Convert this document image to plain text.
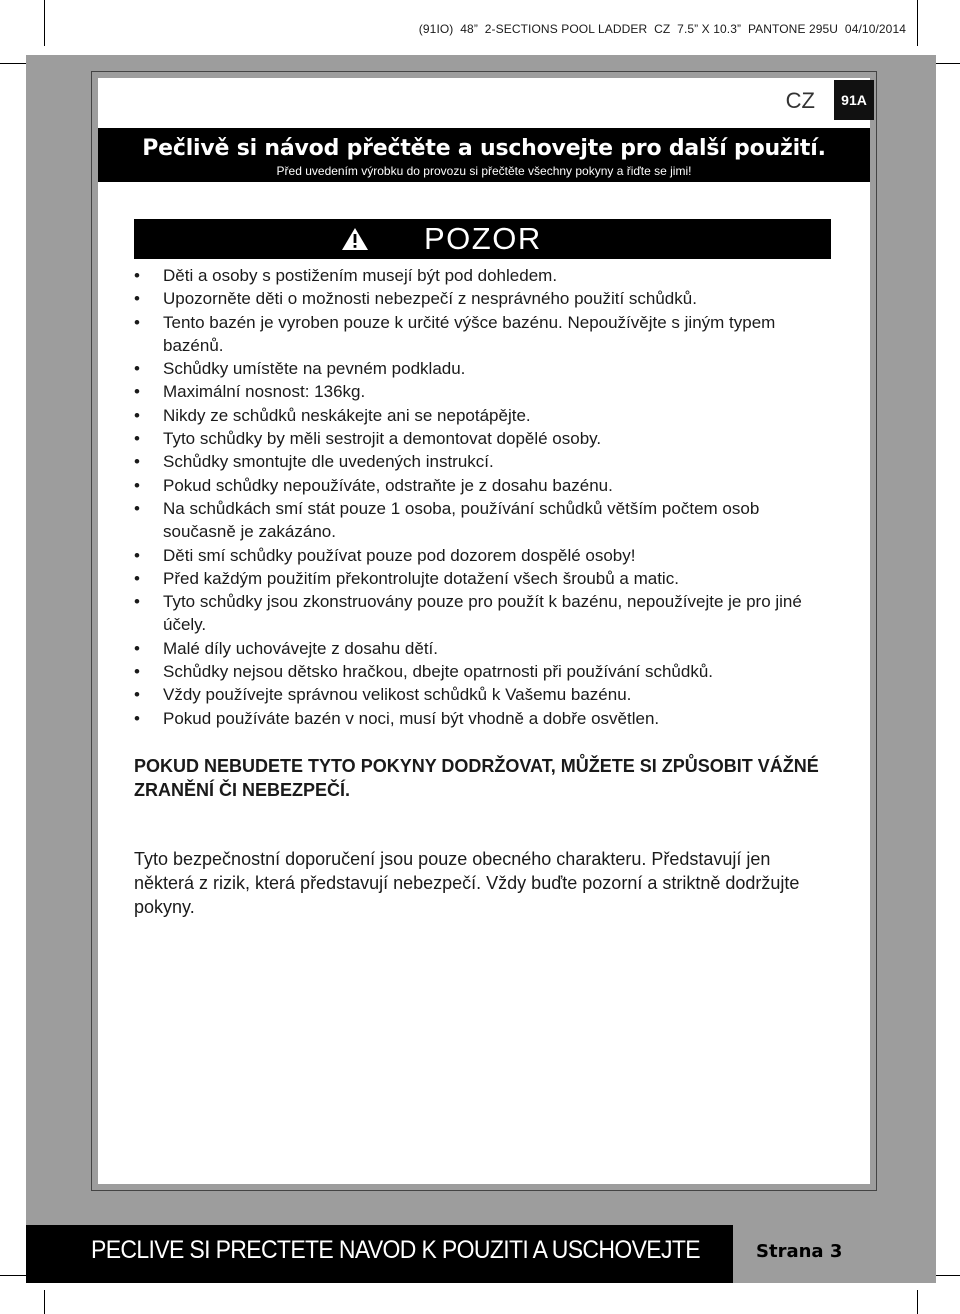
(91IO)  48”  2-SECTIONS POOL LADDER  CZ  7.5” X 10.3”  PANTONE 295U  04/10/2014
CZ	91A
Pečlivě si návod přečtěte a uschovejte pro další použití.
Před uvedením výrobku do provozu si přečtěte všechny pokyny a řiďte se jimi!
POZOR
• Děti a osoby s postižením musejí být pod dohledem.
• Upozorněte děti o možnosti nebezpečí z nesprávného použití schůdků.
• Tento bazén je vyroben pouze k určité výšce bazénu. Nepoužívějte s jiným typem bazénů.
• Schůdky umístěte na pevném podkladu.
• Maximální nosnost: 136kg.
• Nikdy ze schůdků neskákejte ani se nepotápějte.
• Tyto schůdky by měli sestrojit a demontovat dopělé osoby.
• Schůdky smontujte dle uvedených instrukcí.
• Pokud schůdky nepoužíváte, odstraňte je z dosahu bazénu.
• Na schůdkách smí stát pouze 1 osoba, používání schůdků větším počtem osob současně je zakázáno.
• Děti smí schůdky používat pouze pod dozorem dospělé osoby!
• Před každým použitím překontrolujte dotažení všech šroubů a matic.
• Tyto schůdky jsou zkonstruovány pouze pro použít k bazénu, nepoužívejte je pro jiné účely.
• Malé díly uchovávejte z dosahu dětí.
• Schůdky nejsou dětsko hračkou, dbejte opatrnosti při používání schůdků.
• Vždy používejte správnou velikost schůdků k Vašemu bazénu.
• Pokud používáte bazén v noci, musí být vhodně a dobře osvětlen.
POKUD NEBUDETE TYTO POKYNY DODRŽOVAT, MŮŽETE SI ZPŮSOBIT VÁŽNÉ ZRANĚNÍ ČI NEBEZPEČÍ.
Tyto bezpečnostní doporučení jsou pouze obecného charakteru. Představují jen některá z rizik, která představují nebezpečí. Vždy buďte pozorní a striktně dodržujte pokyny.
PECLIVE SI PRECTETE NAVOD K POUZITI A USCHOVEJTE	Strana 3
